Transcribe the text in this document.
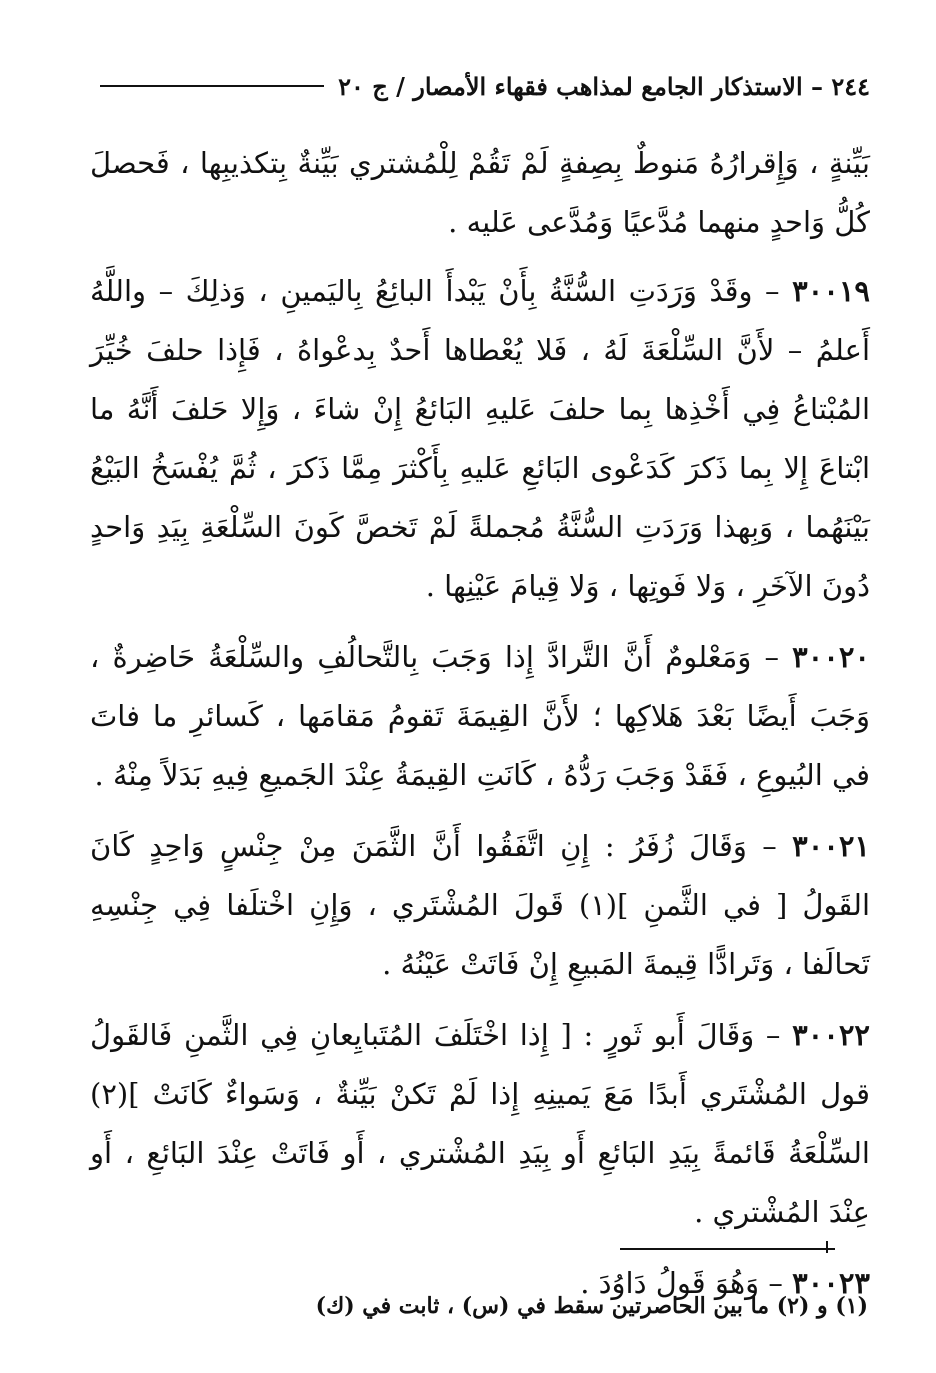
٢٤٤ – الاستذكار الجامع لمذاهب فقهاء الأمصار / ج ٢٠

بَيِّنةٍ ، وَإِقرارُهُ مَنوطٌ بِصِفةٍ لَمْ تَقُمْ لِلْمُشتري بَيِّنةٌ بِتكذيبِها ، فَحصلَ كُلُّ وَاحدٍ منهما مُدَّعيًا وَمُدَّعى عَليه .

٣٠٠١٩ – وقَدْ وَرَدَتِ السُّنَّةُ بِأَنْ يَبْدأَ البائِعُ بِاليَمينِ ، وَذلِكَ – واللَّهُ أَعلمُ – لأَنَّ السِّلْعَةَ لَهُ ، فَلا يُعْطاها أَحدٌ بِدعْواهُ ، فَإِذا حلفَ خُيِّرَ المُبْتاعُ فِي أَخْذِها بِما حلفَ عَليهِ البَائعُ إِنْ شاءَ ، وَإِلا حَلفَ أَنَّهُ ما ابْتاعَ إِلا بِما ذَكرَ كَدَعْوى البَائعِ عَليهِ بِأَكْثرَ مِمَّا ذَكرَ ، ثُمَّ يُفْسَخُ البَيْعُ بَيْنَهُما ، وَبِهذا وَرَدَتِ السُّنَّةُ مُجملةً لَمْ تَخصَّ كَونَ السِّلْعَةِ بِيَدِ وَاحدٍ دُونَ الآخَرِ ، وَلا فَوتِها ، وَلا قِيامَ عَيْنِها .

٣٠٠٢٠ – وَمَعْلومٌ أَنَّ التَّرادَّ إِذا وَجَبَ بِالتَّحالُفِ والسِّلْعَةُ حَاضِرةٌ ، وَجَبَ أَيضًا بَعْدَ هَلاكِها ؛ لأَنَّ القِيمَةَ تَقومُ مَقامَها ، كَسائرِ ما فاتَ في البُيوعِ ، فَقَدْ وَجَبَ رَدُّهُ ، كَانَتِ القِيمَةُ عِنْدَ الجَميعِ فِيهِ بَدَلاً مِنْهُ .

٣٠٠٢١ – وَقَالَ زُفَرُ : إِنِ اتَّفَقُوا أَنَّ الثَّمَنَ مِنْ جِنْسٍ وَاحِدٍ كَانَ القَولُ [ في الثَّمنِ ](١) قَولَ المُشْتَري ، وَإِنِ اخْتلَفا فِي جِنْسِهِ تَحالَفا ، وَتَرادًّا قِيمةَ المَبيعِ إِنْ فَاتَتْ عَيْنُهُ .

٣٠٠٢٢ – وَقَالَ أَبو ثَورٍ : [ إِذا اخْتَلَفَ المُتَبايِعانِ فِي الثَّمنِ فَالقَولُ قول المُشْتَري أَبدًا مَعَ يَمينِهِ إِذا لَمْ تَكنْ بَيِّنةٌ ، وَسَواءٌ كَانَتْ ](٢) السِّلْعَةُ قَائمةً بِيَدِ البَائعِ أَو بِيَدِ المُشْتري ، أَو فَاتَتْ عِنْدَ البَائعِ ، أَو عِنْدَ المُشْتري .

٣٠٠٢٣ – وَهُوَ قَولُ دَاوُدَ .

(١) و (٢) ما بين الحاصرتين سقط في (س) ، ثابت في (ك)
